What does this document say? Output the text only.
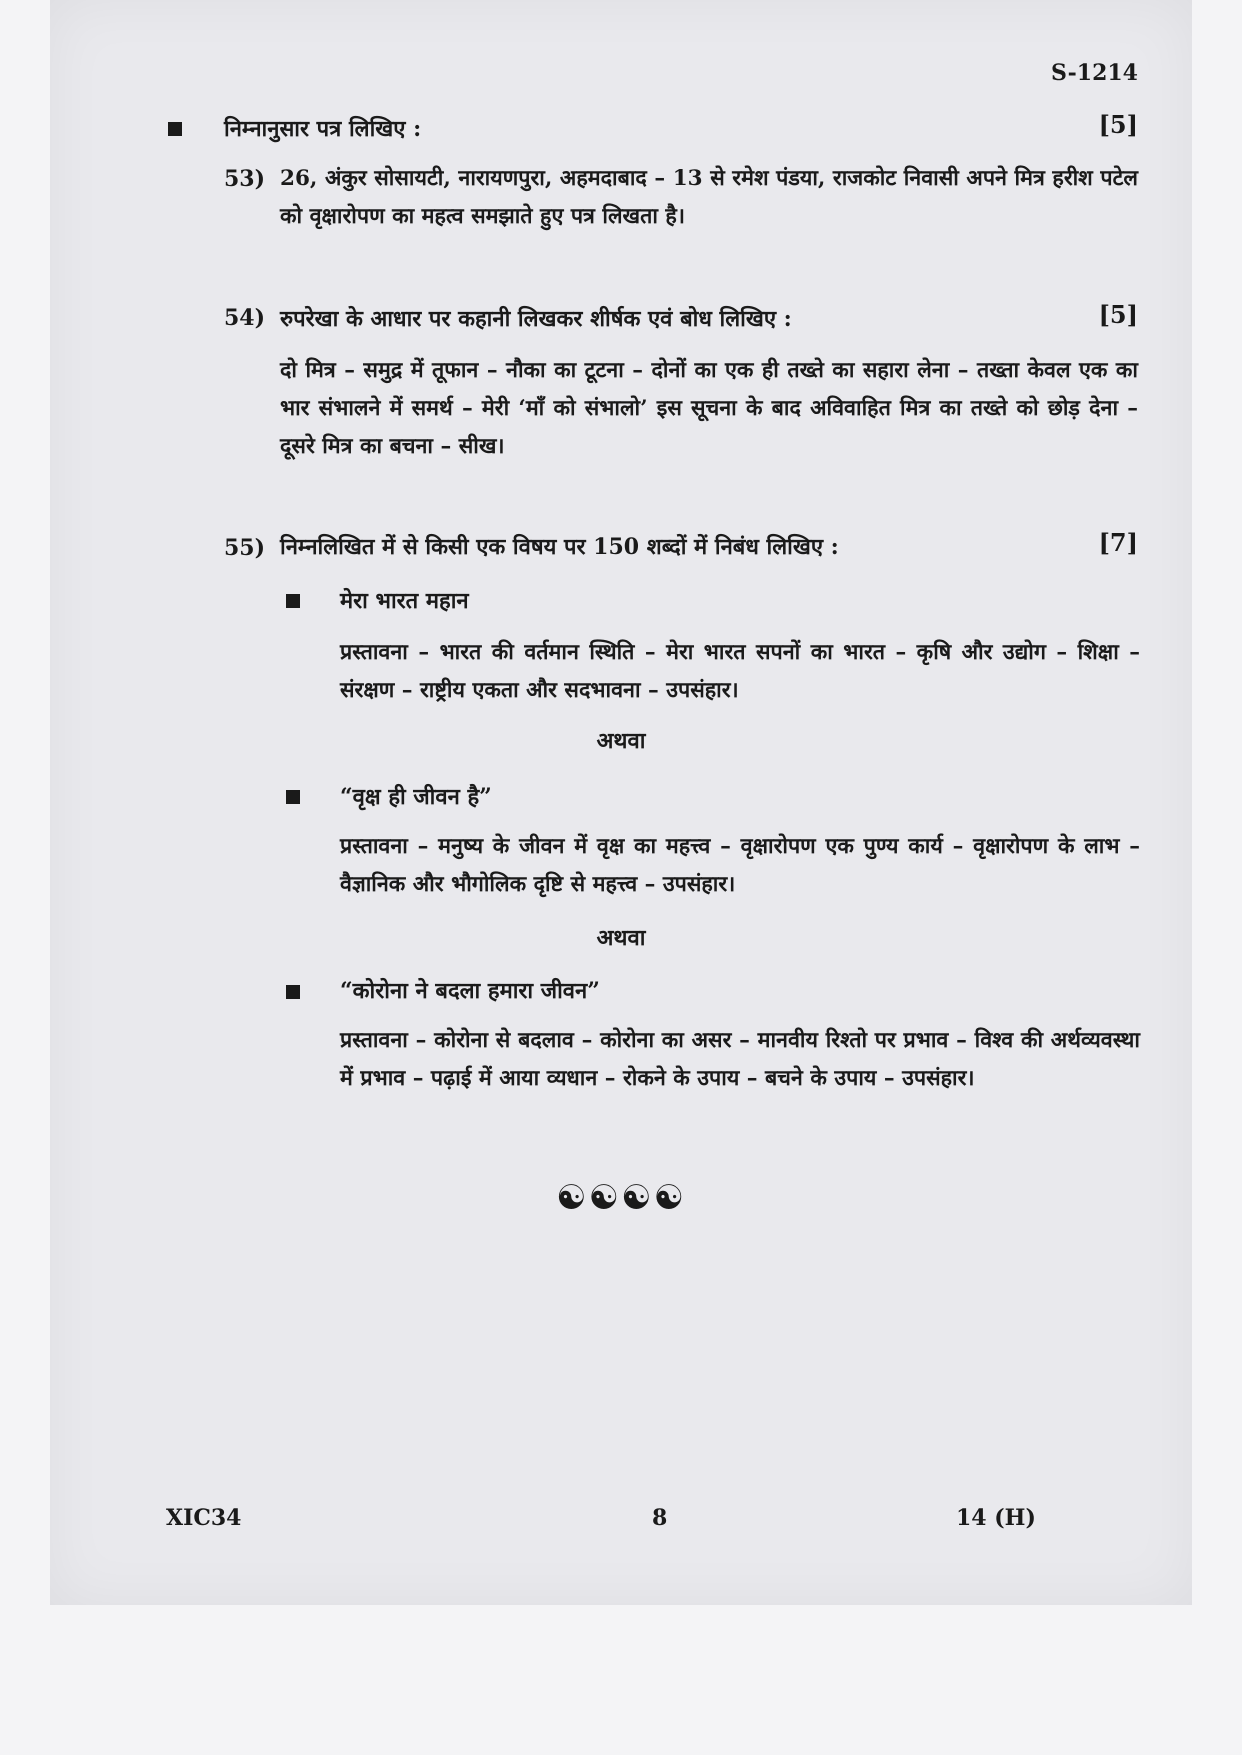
S-1214
निम्नानुसार पत्र लिखिए :	[5]
53) 26, अंकुर सोसायटी, नारायणपुरा, अहमदाबाद – 13 से रमेश पंडया, राजकोट निवासी अपने मित्र हरीश पटेल को वृक्षारोपण का महत्व समझाते हुए पत्र लिखता है।
54) रुपरेखा के आधार पर कहानी लिखकर शीर्षक एवं बोध लिखिए :	[5]
दो मित्र – समुद्र में तूफान – नौका का टूटना – दोनों का एक ही तख्ते का सहारा लेना – तख्ता केवल एक का भार संभालने में समर्थ – मेरी ‘माँ को संभालो’ इस सूचना के बाद अविवाहित मित्र का तख्ते को छोड़ देना – दूसरे मित्र का बचना – सीख।
55) निम्नलिखित में से किसी एक विषय पर 150 शब्दों में निबंध लिखिए :	[7]
मेरा भारत महान
प्रस्तावना – भारत की वर्तमान स्थिति – मेरा भारत सपनों का भारत – कृषि और उद्योग – शिक्षा – संरक्षण – राष्ट्रीय एकता और सदभावना – उपसंहार।
अथवा
“वृक्ष ही जीवन है”
प्रस्तावना – मनुष्य के जीवन में वृक्ष का महत्त्व – वृक्षारोपण एक पुण्य कार्य – वृक्षारोपण के लाभ – वैज्ञानिक और भौगोलिक दृष्टि से महत्त्व – उपसंहार।
अथवा
“कोरोना ने बदला हमारा जीवन”
प्रस्तावना – कोरोना से बदलाव – कोरोना का असर – मानवीय रिश्तो पर प्रभाव – विश्व की अर्थव्यवस्था में प्रभाव – पढ़ाई में आया व्यधान – रोकने के उपाय – बचने के उपाय – उपसंहार।
☯☯☯☯
XIC34	8	14 (H)
